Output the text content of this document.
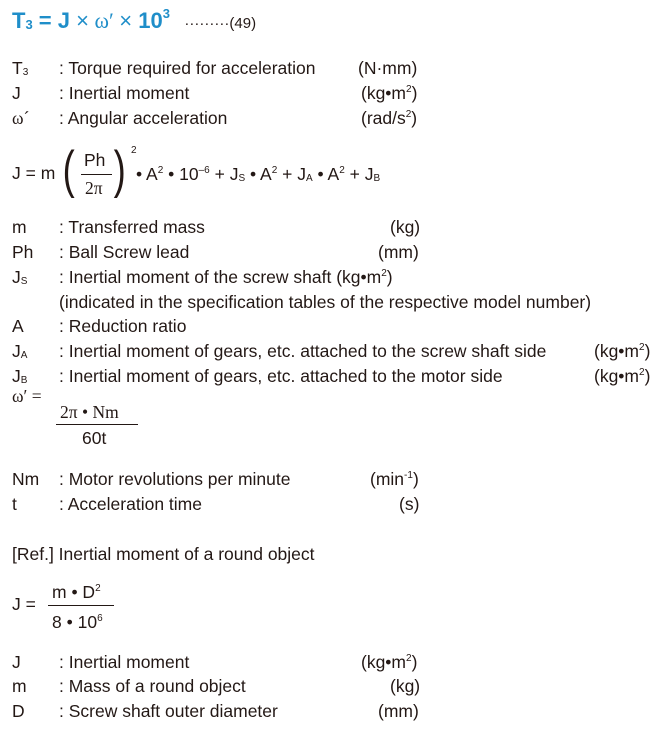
$T_3 = J \times \omega' \times 10^3 \cdot\cdot\cdot\cdot\cdot\cdot\cdot\cdot\cdot(49)$
$T_3$ : Torque required for acceleration (N·mm)
J : Inertial moment	$(kg•m^2)$
ω´ : Angular acceleration	$(rad/s^2)$
J = m ( Ph
2π ) 2
• $A^2$ • $10^{-6} + J_S$ • $A^2 + J_A$ • $A^2 + J_B$
m : Transferred mass	(kg)
Ph : Ball Screw lead	(mm)
$J_S$ : Inertial moment of the screw shaft $(kg•m^2)$
(indicated in the specification tables of the respective model number)
A : Reduction ratio
$J_A$ : Inertial moment of gears, etc. attached to the screw shaft side	$(kg•m^2)$
$J_B$ : Inertial moment of gears, etc. attached to the motor side	$(kg•m^2)$
ω′ =
2π • Nm
60t
Nm : Motor revolutions per minute	$(\min^{-1})$
t : Acceleration time	(s)
[Ref.] Inertial moment of a round object
J =
m • $D^2$
8 • $10^6$
J : Inertial moment	$(kg•m^2)$
m : Mass of a round object	(kg)
D : Screw shaft outer diameter	(mm)
